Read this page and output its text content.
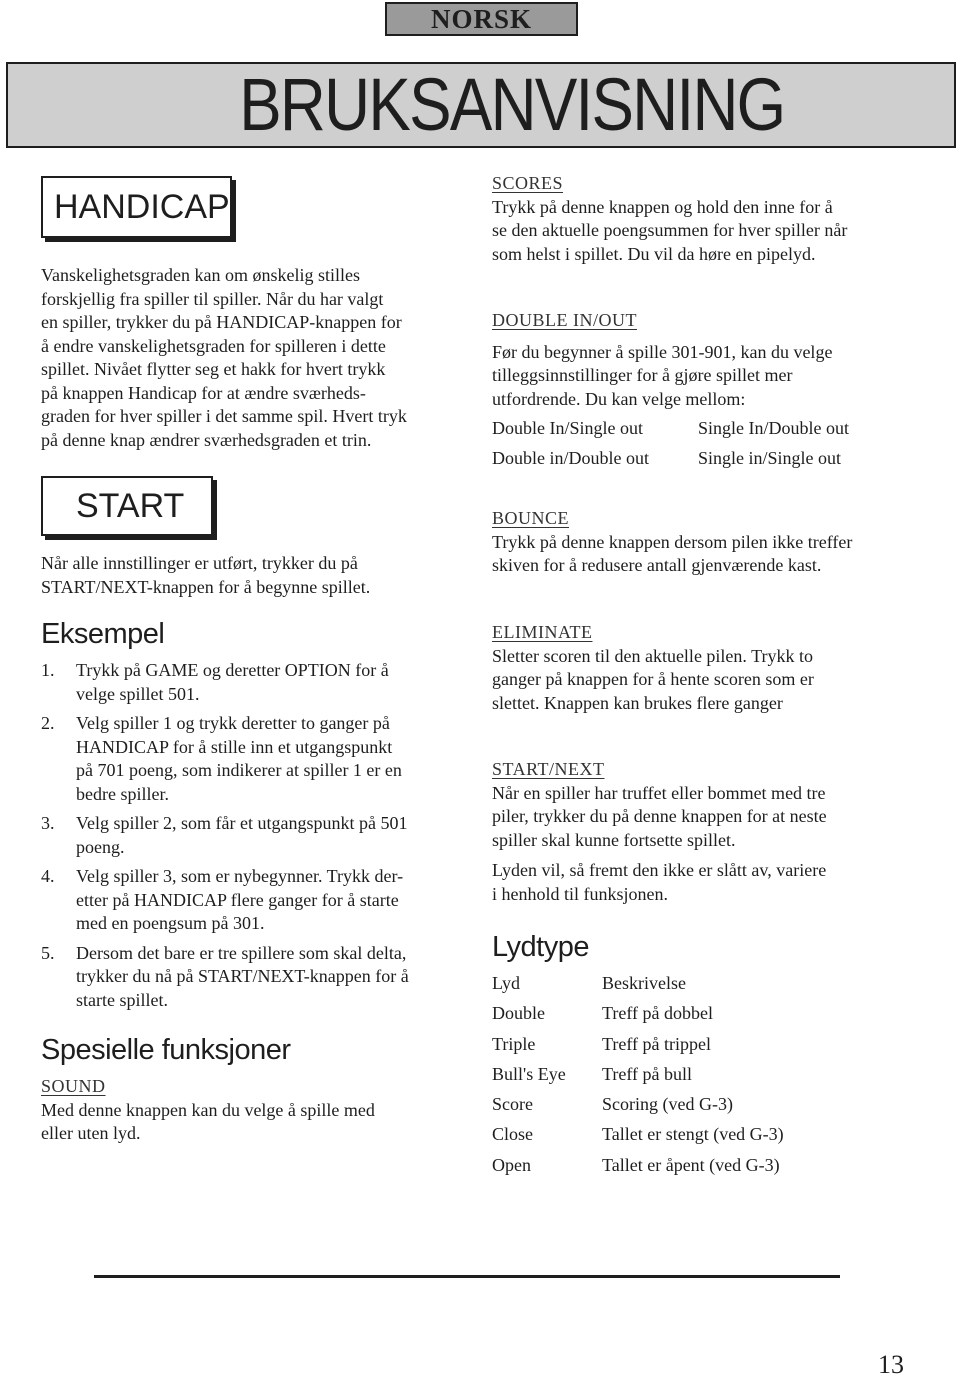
NORSK
BRUKSANVISNING
HANDICAP

Vanskelighetsgraden kan om ønskelig stilles

forskjellig fra spiller til spiller. Når du har valgt

en spiller, trykker du på HANDICAP-knappen for

å endre vanskelighetsgraden for spilleren i dette

spillet. Nivået flytter seg et hakk for hvert trykk

på knappen Handicap for at ændre sværheds-

graden for hver spiller i det samme spil. Hvert tryk

på denne knap ændrer sværhedsgraden et trin.

START

Når alle innstillinger er utført, trykker du på

START/NEXT-knappen for å begynne spillet.

Eksempel
1.	Trykk på GAME og deretter OPTION for å

velge spillet 501.

2.	Velg spiller 1 og trykk deretter to ganger på

HANDICAP for å stille inn et utgangspunkt

på 701 poeng, som indikerer at spiller 1 er en

bedre spiller.

3.	Velg spiller 2, som får et utgangspunkt på 501

poeng.

4.	Velg spiller 3, som er nybegynner. Trykk der-

etter på HANDICAP flere ganger for å starte

med en poengsum på 301.

5.	Dersom det bare er tre spillere som skal delta,

trykker du nå på START/NEXT-knappen for å

starte spillet.

Spesielle funksjoner

SOUND

Med denne knappen kan du velge å spille med

eller uten lyd.

SCORES

Trykk på denne knappen og hold den inne for å

se den aktuelle poengsummen for hver spiller når

som helst i spillet. Du vil da høre en pipelyd.

DOUBLE IN/OUT

Før du begynner å spille 301-901, kan du velge

tilleggsinnstillinger for å gjøre spillet mer

utfordrende. Du kan velge mellom:

Double In/Single out	Single In/Double out
Double in/Double out	Single in/Single out

BOUNCE

Trykk på denne knappen dersom pilen ikke treffer

skiven for å redusere antall gjenværende kast.

ELIMINATE

Sletter scoren til den aktuelle pilen. Trykk to

ganger på knappen for å hente scoren som er

slettet. Knappen kan brukes flere ganger

START/NEXT

Når en spiller har truffet eller bommet med tre

piler, trykker du på denne knappen for at neste

spiller skal kunne fortsette spillet.

Lyden vil, så fremt den ikke er slått av, variere

i henhold til funksjonen.

Lydtype
Lyd	Beskrivelse
Double	Treff på dobbel
Triple	Treff på trippel
Bull's Eye	Treff på bull
Score	Scoring (ved G-3)
Close	Tallet er stengt (ved G-3)
Open	Tallet er åpent (ved G-3)
13
